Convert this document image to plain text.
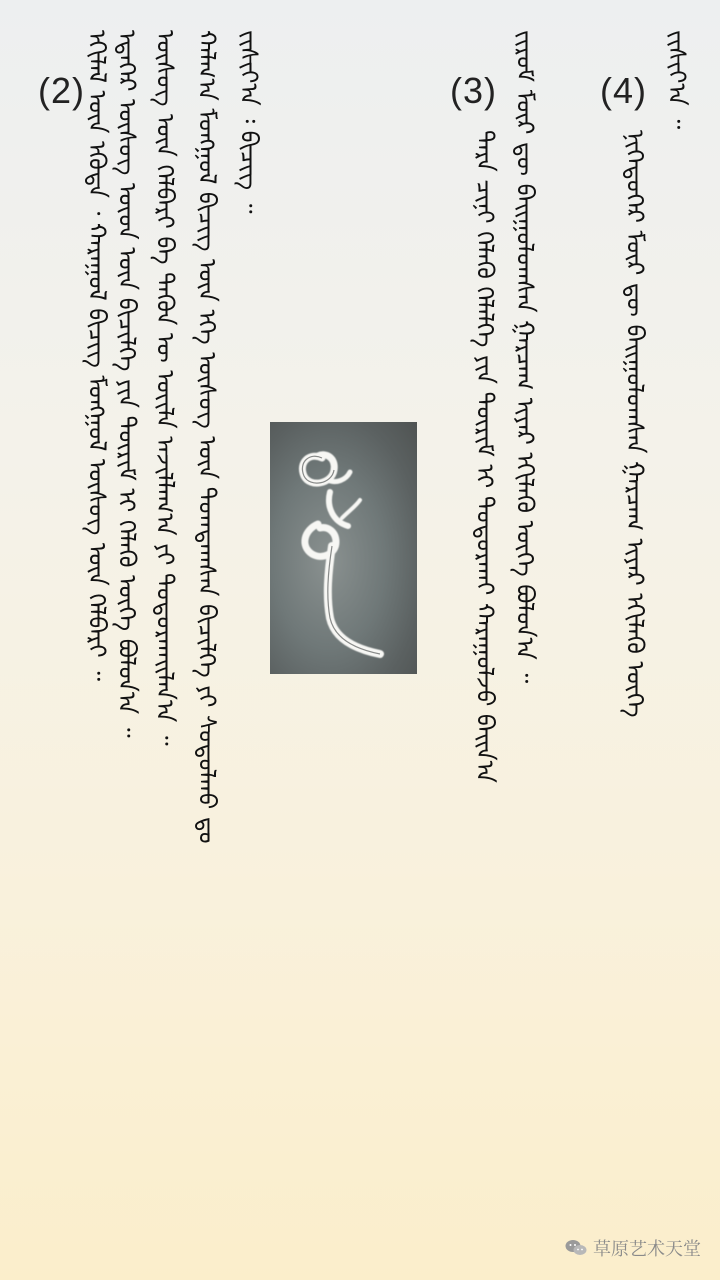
ᠡᠬᠢᠯᠡᠯ ᠦᠨ ᠡᠭᠦᠳᠡ ᠂ ᠬᠠᠷᠠᠭᠤᠯ ᠪᠢᠴᠢᠭ ᠮᠣᠩᠭᠣᠯ ᠦᠰᠦᠭ ᠦᠨ ᠬᠡᠯᠪᠡᠷᠢ ᠃ ᠡᠳᠡᠭᠡᠷ ᠦᠰᠦᠭ ᠦᠳ ᠦᠨ ᠪᠢᠴᠢᠯᠭᠡ ᠶᠢᠨ ᠳᠦᠷᠢᠮ ᠢ ᠬᠡᠯᠡᠬᠦ ᠦᠭᠡ ᠪᠣᠯᠤᠨ᠎ᠠ ᠃ ᠦᠰᠦᠭ ᠦᠨ ᠬᠡᠯᠪᠡᠷᠢ ᠪᠠ ᠲᠡᠭᠦᠨ ᠦ ᠦᠢᠯᠡ ᠠᠵᠢᠯᠯᠠᠭ᠎ᠠ ᠶᠢ ᠲᠣᠳᠤᠷᠬᠠᠢᠯᠠᠨ᠎ᠠ ᠃ ᠬᠠᠯᠬ᠎ᠠ ᠮᠣᠩᠭᠣᠯ ᠪᠢᠴᠢᠭ ᠦᠨ ᠡᠬᠡ ᠦᠰᠦᠭ ᠦᠨ ᠲᠣᠭᠲᠠᠭᠰᠠᠨ ᠪᠢᠴᠢᠯᠭᠡ ᠶᠢ ᠰᠤᠳᠤᠯᠬᠤ ᠳᠤ ᠵᠢᠱᠢᠶ᠎ᠠ ᠄ ᠪᠢᠴᠢᠭ ᠃
ᠲᠡᠷᠡ ᠴᠢᠨᠢ ᠬᠡᠯᠡᠬᠦ ᠬᠡᠯᠡᠯᠭᠡ ᠶᠢᠨ ᠳᠦᠷᠢᠮ ᠢ ᠲᠣᠳᠤᠷᠬᠠᠢ ᠬᠠᠷᠠᠭᠤᠯᠵᠤ ᠪᠠᠢᠨ᠎ᠠ ᠵᠢᠷᠤᠮ ᠮᠥᠷ ᠳᠦ ᠪᠠᠢᠭᠤᠯᠤᠭ᠍ᠰᠠᠨ ᠭᠠᠷᠴᠠᠭ ᠢᠶᠡᠷ ᠡᠬᠢᠯᠡᠬᠦ ᠦᠭᠡ ᠪᠣᠯᠤᠨ᠎ᠠ ᠃	ᠨᠢᠭᠡᠳᠦᠭᠡᠷ ᠮᠥᠷ ᠳᠦ ᠪᠠᠢᠭᠤᠯᠤᠭ᠍ᠰᠠᠨ ᠭᠠᠷᠴᠠᠭ ᠢᠶᠡᠷ ᠡᠬᠢᠯᠡᠬᠦ ᠦᠭᠡ
ᠵᠢᠱᠢᠶ᠎ᠠ ᠃
(2)	(3)	(4)
草原艺术天堂
